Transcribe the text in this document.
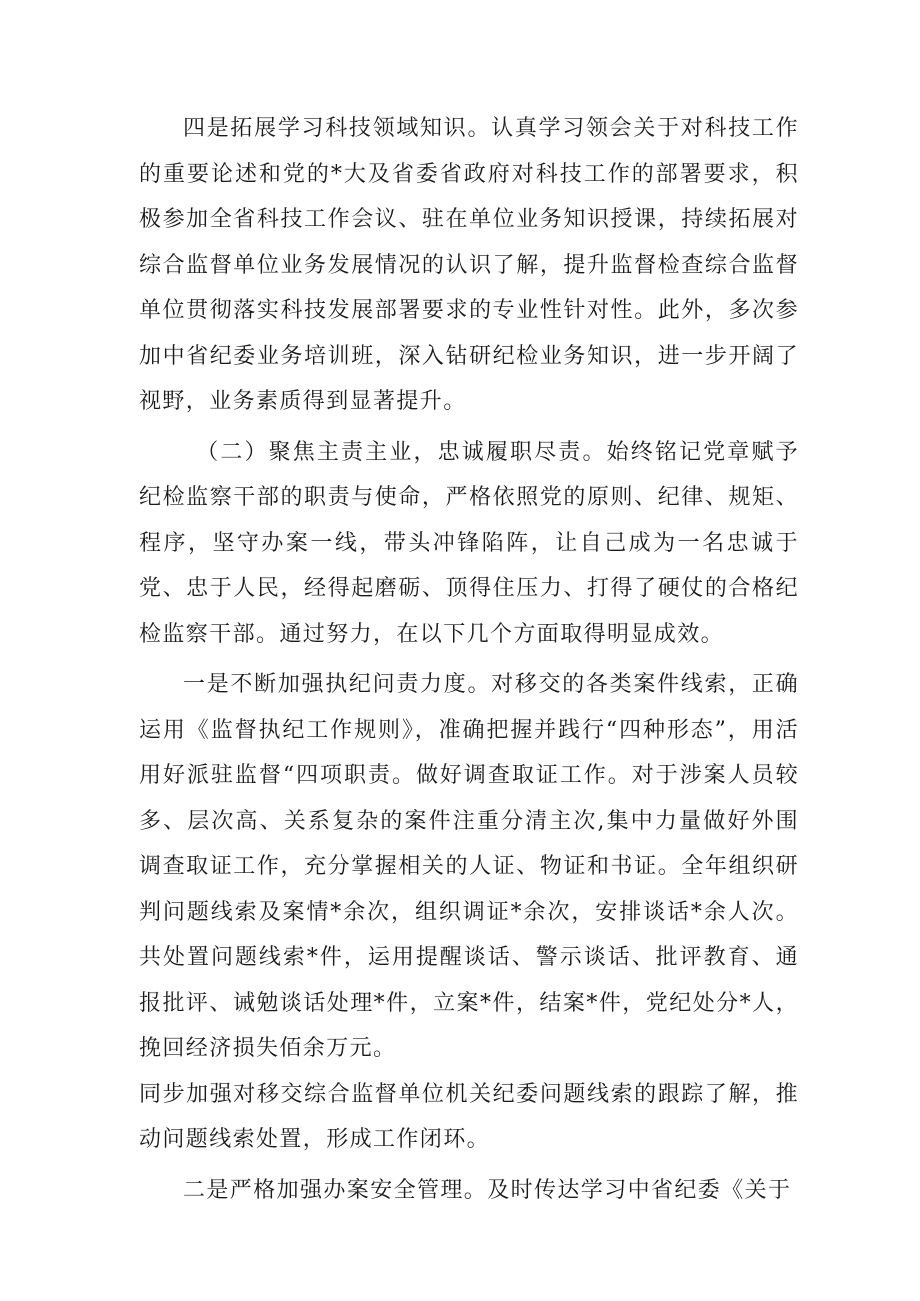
四是拓展学习科技领域知识。认真学习领会关于对科技工作的重要论述和党的*大及省委省政府对科技工作的部署要求，积极参加全省科技工作会议、驻在单位业务知识授课，持续拓展对综合监督单位业务发展情况的认识了解，提升监督检查综合监督单位贯彻落实科技发展部署要求的专业性针对性。此外，多次参加中省纪委业务培训班，深入钻研纪检业务知识，进一步开阔了视野，业务素质得到显著提升。

（二）聚焦主责主业，忠诚履职尽责。始终铭记党章赋予纪检监察干部的职责与使命，严格依照党的原则、纪律、规矩、程序，坚守办案一线，带头冲锋陷阵，让自己成为一名忠诚于党、忠于人民，经得起磨砺、顶得住压力、打得了硬仗的合格纪检监察干部。通过努力，在以下几个方面取得明显成效。

一是不断加强执纪问责力度。对移交的各类案件线索，正确运用《监督执纪工作规则》，准确把握并践行“四种形态”，用活用好派驻监督“四项职责。做好调查取证工作。对于涉案人员较多、层次高、关系复杂的案件注重分清主次,集中力量做好外围调查取证工作，充分掌握相关的人证、物证和书证。全年组织研判问题线索及案情*余次，组织调证*余次，安排谈话*余人次。共处置问题线索*件，运用提醒谈话、警示谈话、批评教育、通报批评、诫勉谈话处理*件，立案*件，结案*件，党纪处分*人，挽回经济损失佰余万元。

同步加强对移交综合监督单位机关纪委问题线索的跟踪了解，推动问题线索处置，形成工作闭环。

二是严格加强办案安全管理。及时传达学习中省纪委《关于
